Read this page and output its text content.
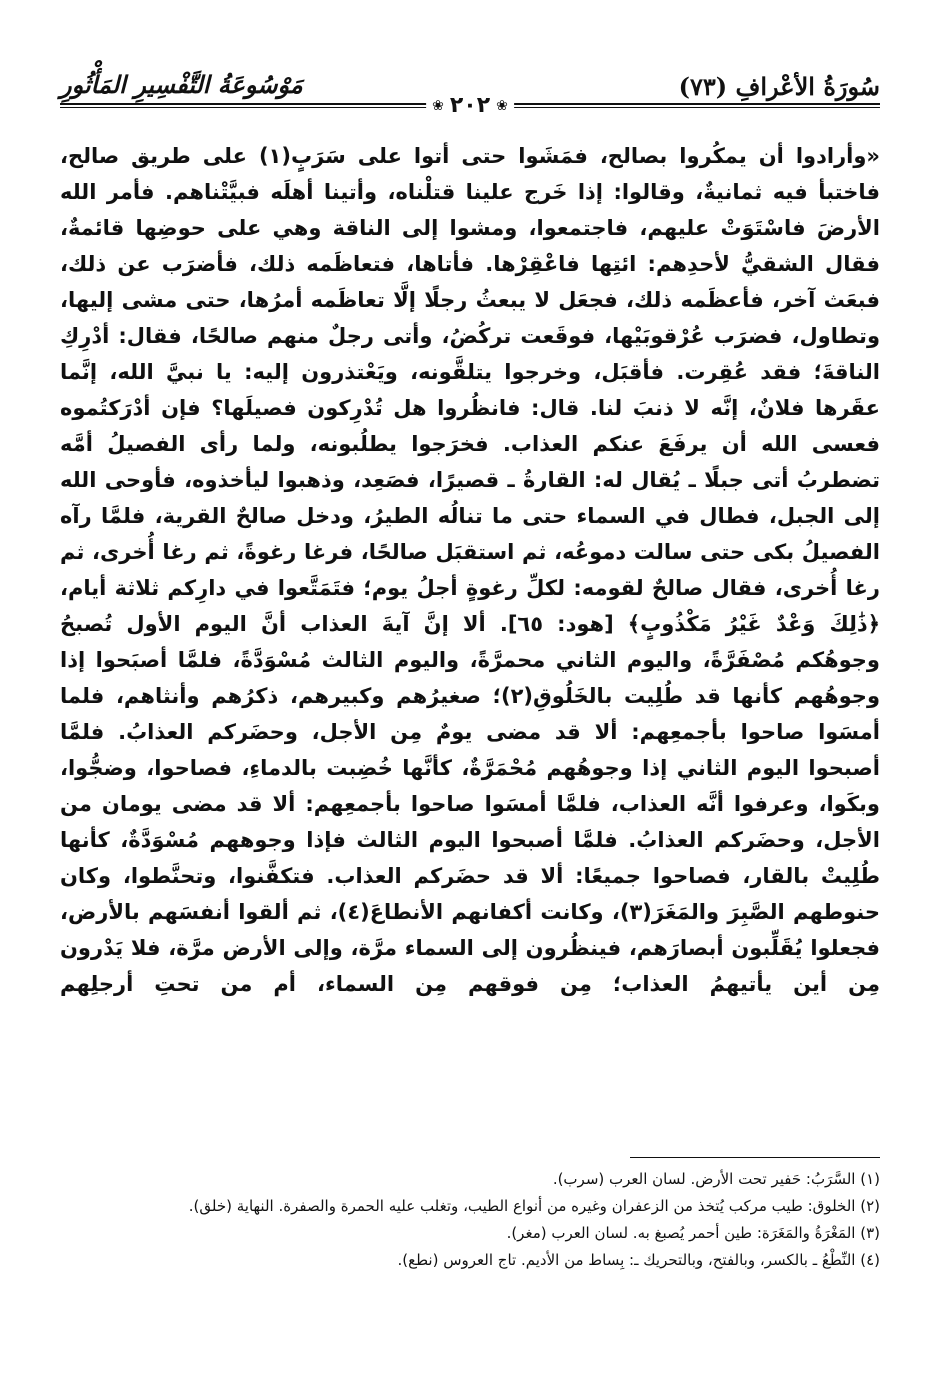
سُورَةُ الأعْرافِ (٧٣)
مَوْسُوعَةُ التَّفْسِيرِ المَأْثُورِ
❀ ٢٠٢ ❀

«وأرادوا أن يمكُروا بصالح، فمَشَوا حتى أتوا على سَرَبٍ(١) على طريق صالح، فاختبأ فيه ثمانيةٌ، وقالوا: إذا خَرج علينا قتلْناه، وأتينا أهلَه فبيَّتْناهم. فأمر الله الأرضَ فاسْتَوَتْ عليهم، فاجتمعوا، ومشوا إلى الناقة وهي على حوضِها قائمةٌ، فقال الشقيُّ لأحدِهم: ائتِها فاعْقِرْها. فأتاها، فتعاظَمه ذلك، فأضرَب عن ذلك، فبعَث آخر، فأعظَمه ذلك، فجعَل لا يبعثُ رجلًا إلَّا تعاظَمه أمرُها، حتى مشى إليها، وتطاول، فضرَب عُرْقوبَيْها، فوقَعت تركُضُ، وأتى رجلٌ منهم صالحًا، فقال: أدْرِكِ الناقةَ؛ فقد عُقِرت. فأقبَل، وخرجوا يتلقَّونه، ويَعْتذرون إليه: يا نبيَّ الله، إنَّما عقَرها فلانٌ، إنَّه لا ذنبَ لنا. قال: فانظُروا هل تُدْرِكون فصيلَها؟ فإن أدْرَكتُموه فعسى الله أن يرفَعَ عنكم العذاب. فخرَجوا يطلُبونه، ولما رأى الفصيلُ أمَّه تضطربُ أتى جبلًا ـ يُقال له: القارةُ ـ قصيرًا، فصَعِد، وذهبوا ليأخذوه، فأوحى الله إلى الجبل، فطال في السماء حتى ما تنالُه الطيرُ، ودخل صالحٌ القرية، فلمَّا رآه الفصيلُ بكى حتى سالت دموعُه، ثم استقبَل صالحًا، فرغا رغوةً، ثم رغا أُخرى، ثم رغا أُخرى، فقال صالحٌ لقومه: لكلِّ رغوةٍ أجلُ يوم؛ فتَمَتَّعوا في دارِكم ثلاثة أيام، ﴿ذَٰلِكَ وَعْدٌ غَيْرُ مَكْذُوبٍ﴾ [هود: ٦٥]. ألا إنَّ آيةَ العذاب أنَّ اليوم الأول تُصبحُ وجوهُكم مُصْفَرَّةً، واليوم الثاني محمرَّةً، واليوم الثالث مُسْوَدَّةً، فلمَّا أصبَحوا إذا وجوهُهم كأنها قد طُلِيت بالخَلُوقِ(٢)؛ صغيرُهم وكبيرهم، ذكرُهم وأنثاهم، فلما أمسَوا صاحوا بأجمعِهم: ألا قد مضى يومٌ مِن الأجل، وحضَركم العذابُ. فلمَّا أصبحوا اليوم الثاني إذا وجوهُهم مُحْمَرَّةٌ، كأنَّها خُضِبت بالدماءِ، فصاحوا، وضجُّوا، وبكَوا، وعرفوا أنَّه العذاب، فلمَّا أمسَوا صاحوا بأجمعِهم: ألا قد مضى يومان من الأجل، وحضَركم العذابُ. فلمَّا أصبحوا اليوم الثالث فإذا وجوههم مُسْوَدَّةٌ، كأنها طُلِيتْ بالقار، فصاحوا جميعًا: ألا قد حضَركم العذاب. فتكفَّنوا، وتحنَّطوا، وكان حنوطهم الصَّبِرَ والمَغَرَ(٣)، وكانت أكفانهم الأنطاعَ(٤)، ثم ألقوا أنفسَهم بالأرض، فجعلوا يُقَلِّبون أبصارَهم، فينظُرون إلى السماء مرَّة، وإلى الأرض مرَّة، فلا يَدْرون مِن أين يأتيهمُ العذاب؛ مِن فوقهم مِن السماء، أم من تحتِ أرجلِهم

(١) السَّرَبُ: حَفير تحت الأرض. لسان العرب (سرب).

(٢) الخلوق: طيب مركب يُتخذ من الزعفران وغيره من أنواع الطيب، وتغلب عليه الحمرة والصفرة. النهاية (خلق).

(٣) المَغْرَةُ والمَغَرَة: طين أحمر يُصبغ به. لسان العرب (مغر).

(٤) النِّطْعُ ـ بالكسر، وبالفتح، وبالتحريك ـ: بِساط من الأديم. تاج العروس (نطع).
